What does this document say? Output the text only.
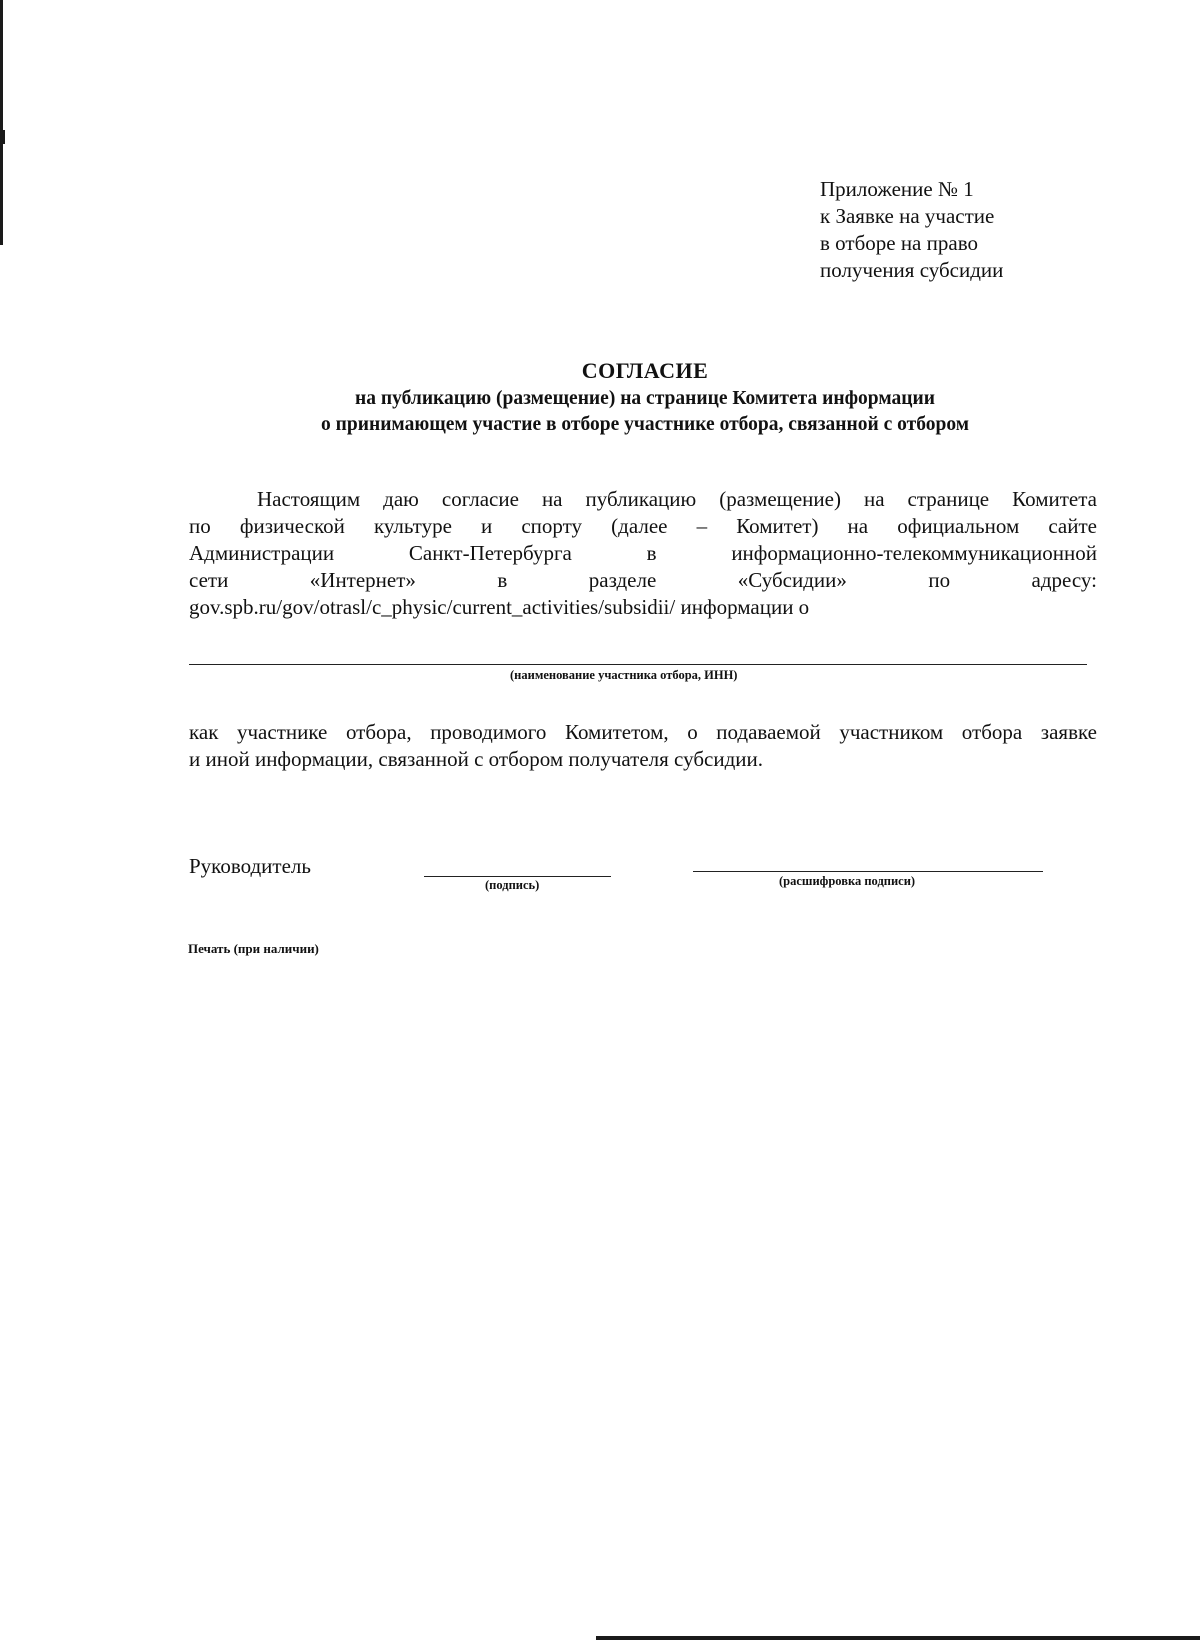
Приложение № 1
к Заявке на участие
в отборе на право
получения субсидии
СОГЛАСИЕ
на публикацию (размещение) на странице Комитета информации
о принимающем участие в отборе участнике отбора, связанной с отбором
Настоящим даю согласие на публикацию (размещение) на странице Комитета
по физической культуре и спорту (далее – Комитет) на официальном сайте
Администрации Санкт-Петербурга в информационно-телекоммуникационной
сети «Интернет» в разделе «Субсидии» по адресу:
gov.spb.ru/gov/otrasl/c_physic/current_activities/subsidii/ информации о
(наименование участника отбора, ИНН)
как участнике отбора, проводимого Комитетом, о подаваемой участником отбора заявке
и иной информации, связанной с отбором получателя субсидии.
Руководитель
(подпись)	(расшифровка подписи)
Печать (при наличии)
